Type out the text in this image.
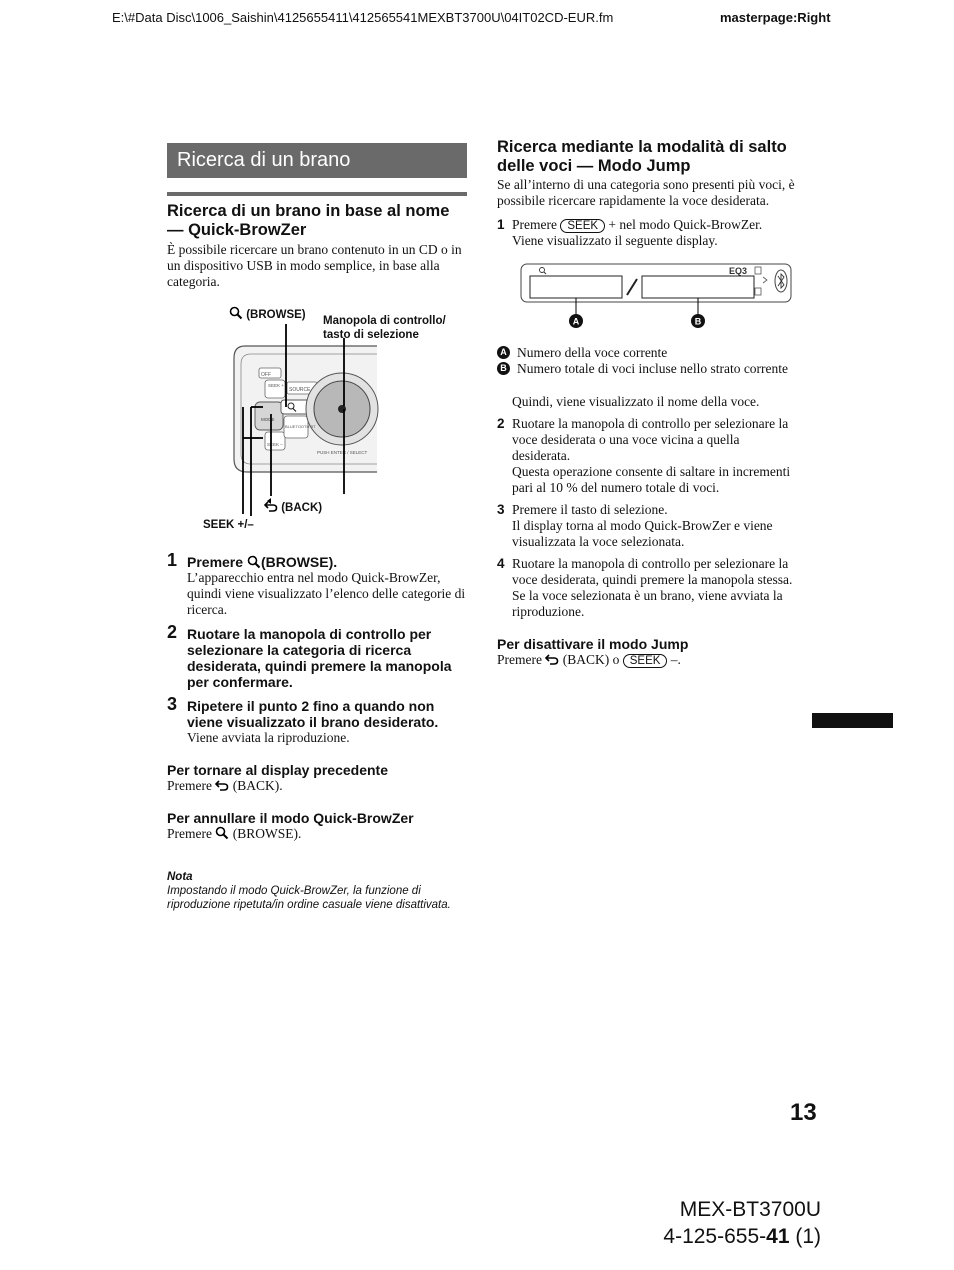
E:\#Data Disc\1006_Saishin\4125655411\412565541MEXBT3700U\04IT02CD-EUR.fm	masterpage:Right
Ricerca di un brano
Ricerca di un brano in base al nome — Quick-BrowZer

È possibile ricercare un brano contenuto in un CD o in un dispositivo USB in modo semplice, in base alla categoria.

OFF
SEEK +
SOURCE
MODE
BLUETOOTH BT
SEEK –
PUSH ENTER / SELECT
(BROWSE) Manopola di controllo/ tasto di selezione
(BACK)
SEEK +/–
1 Premere (BROWSE).

L’apparecchio entra nel modo Quick-BrowZer, quindi viene visualizzato l’elenco delle categorie di ricerca.

2 Ruotare la manopola di controllo per selezionare la categoria di ricerca desiderata, quindi premere la manopola per confermare.
3 Ripetere il punto 2 fino a quando non viene visualizzato il brano desiderato.

Viene avviata la riproduzione.

Per tornare al display precedente

Premere (BACK).

Per annullare il modo Quick-BrowZer

Premere (BROWSE).

Nota
Impostando il modo Quick-BrowZer, la funzione di riproduzione ripetuta/in ordine casuale viene disattivata.
Ricerca mediante la modalità di salto delle voci — Modo Jump

Se all’interno di una categoria sono presenti più voci, è possibile ricercare rapidamente la voce desiderata.

1 Premere SEEK + nel modo Quick-BrowZer.

Viene visualizzato il seguente display.

EQ3
A	B
A Numero della voce corrente
B Numero totale di voci incluse nello strato corrente

Quindi, viene visualizzato il nome della voce.

2 Ruotare la manopola di controllo per selezionare la voce desiderata o una voce vicina a quella desiderata.

Questa operazione consente di saltare in incrementi pari al 10 % del numero totale di voci.

3 Premere il tasto di selezione.

Il display torna al modo Quick-BrowZer e viene visualizzata la voce selezionata.

4 Ruotare la manopola di controllo per selezionare la voce desiderata, quindi premere la manopola stessa.

Se la voce selezionata è un brano, viene avviata la riproduzione.

Per disattivare il modo Jump

Premere (BACK) o SEEK –.

13
MEX-BT3700U
4-125-655-41 (1)
